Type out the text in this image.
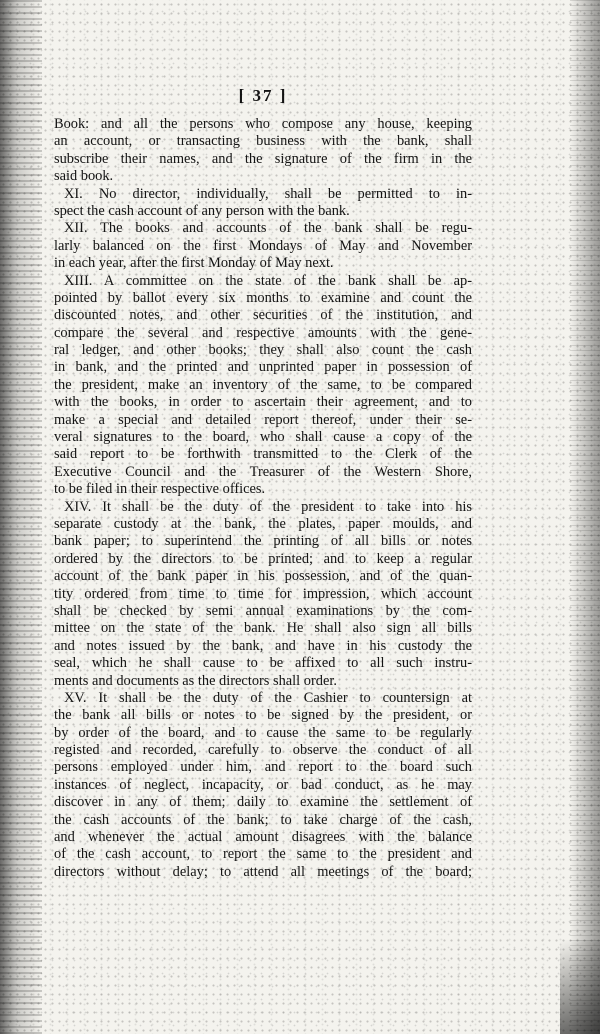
[ 37 ]
Book: and all the persons who compose any house, keeping
an account, or transacting business with the bank, shall
subscribe their names, and the signature of the firm in the
said book.
XI. No director, individually, shall be permitted to in-
spect the cash account of any person with the bank.
XII. The books and accounts of the bank shall be regu-
larly balanced on the first Mondays of May and November
in each year, after the first Monday of May next.
XIII. A committee on the state of the bank shall be ap-
pointed by ballot every six months to examine and count the
discounted notes, and other securities of the institution, and
compare the several and respective amounts with the gene-
ral ledger, and other books; they shall also count the cash
in bank, and the printed and unprinted paper in possession of
the president, make an inventory of the same, to be compared
with the books, in order to ascertain their agreement, and to
make a special and detailed report thereof, under their se-
veral signatures to the board, who shall cause a copy of the
said report to be forthwith transmitted to the Clerk of the
Executive Council and the Treasurer of the Western Shore,
to be filed in their respective offices.
XIV. It shall be the duty of the president to take into his
separate custody at the bank, the plates, paper moulds, and
bank paper; to superintend the printing of all bills or notes
ordered by the directors to be printed; and to keep a regular
account of the bank paper in his possession, and of the quan-
tity ordered from time to time for impression, which account
shall be checked by semi annual examinations by the com-
mittee on the state of the bank. He shall also sign all bills
and notes issued by the bank, and have in his custody the
seal, which he shall cause to be affixed to all such instru-
ments and documents as the directors shall order.
XV. It shall be the duty of the Cashier to countersign at
the bank all bills or notes to be signed by the president, or
by order of the board, and to cause the same to be regularly
registed and recorded, carefully to observe the conduct of all
persons employed under him, and report to the board such
instances of neglect, incapacity, or bad conduct, as he may
discover in any of them; daily to examine the settlement of
the cash accounts of the bank; to take charge of the cash,
and whenever the actual amount disagrees with the balance
of the cash account, to report the same to the president and
directors without delay; to attend all meetings of the board;
